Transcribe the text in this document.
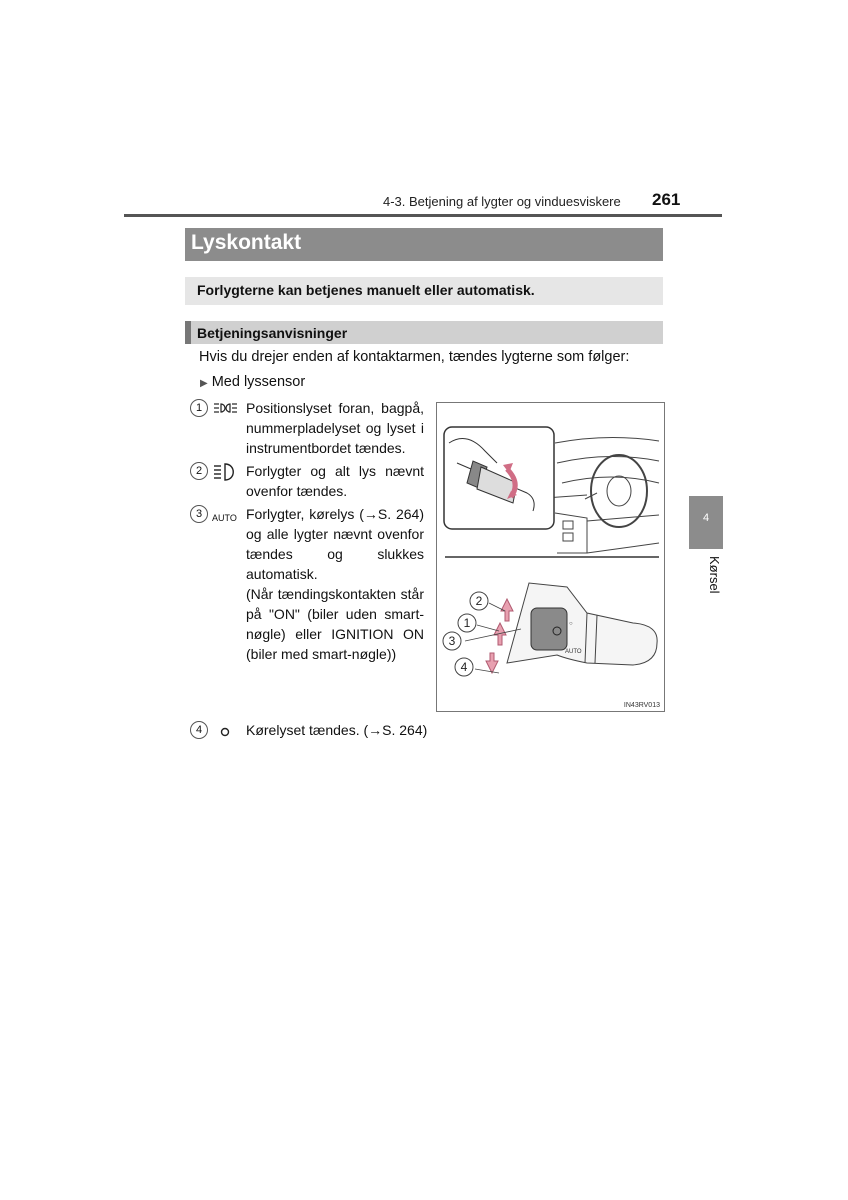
4-3. Betjening af lygter og vinduesviskere 261
Lyskontakt
Forlygterne kan betjenes manuelt eller automatisk.
Betjeningsanvisninger
Hvis du drejer enden af kontaktarmen, tændes lygterne som følger:
▶ Med lyssensor
1	Positionslyset foran, bagpå, nummerpladelyset og lyset i instrumentbordet tændes.
2	Forlygter og alt lys nævnt ovenfor tændes.
3	AUTO Forlygter, kørelys (→S. 264) og alle lygter nævnt ovenfor tændes og slukkes automatisk.
(Når tændingskontakten står på "ON" (biler uden smart-nøgle) eller IGNITION ON (biler med smart-nøgle))
4	Kørelyset tændes. (→S. 264)
○
AUTO
2
1
3
4
IN43RV013
4
Kørsel
